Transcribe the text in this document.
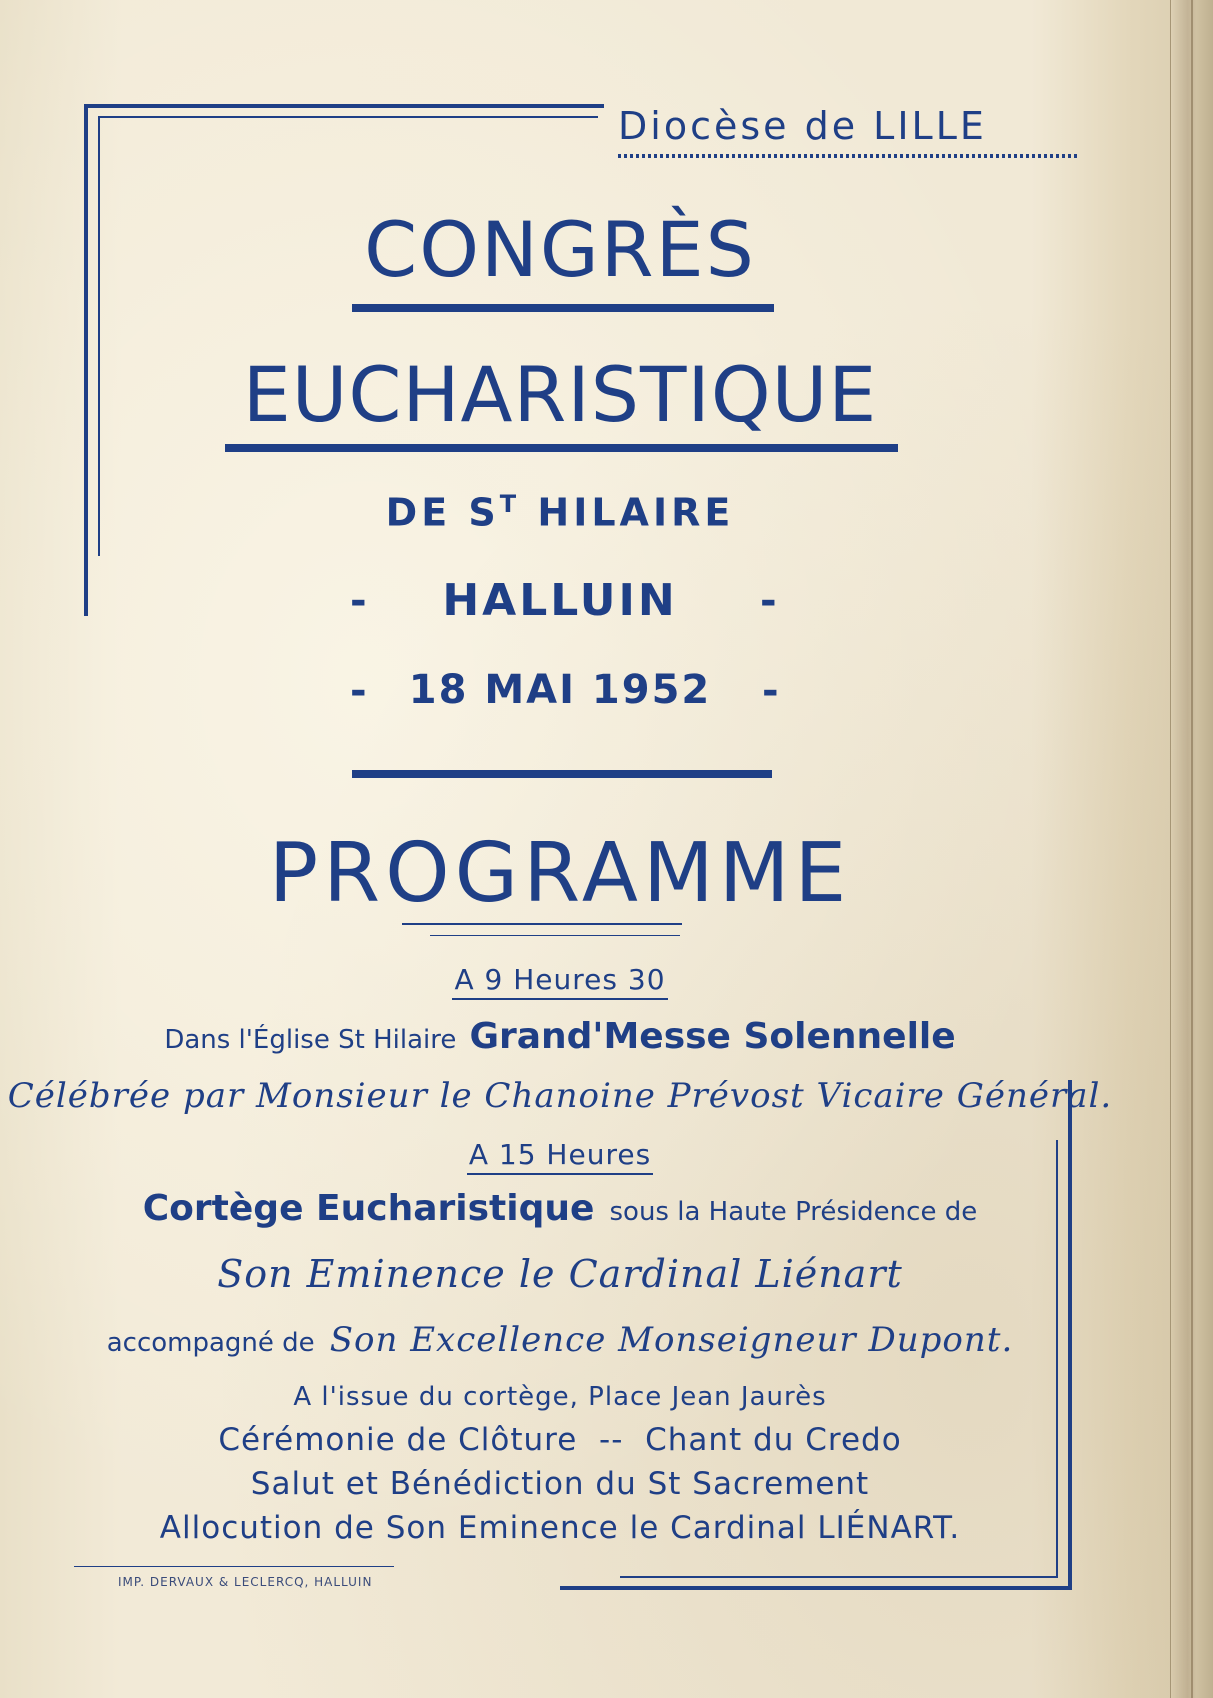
Diocèse de LILLE
CONGRÈS
EUCHARISTIQUE
DE $S^T$ HILAIRE
-	HALLUIN	-
-	18 MAI 1952	-
PROGRAMME
A 9 Heures 30
Dans l'Église St Hilaire Grand'Messe Solennelle
Célébrée par Monsieur le Chanoine Prévost Vicaire Général.
A 15 Heures
Cortège Eucharistique sous la Haute Présidence de
Son Eminence le Cardinal Liénart
accompagné de Son Excellence Monseigneur Dupont.
A l'issue du cortège, Place Jean Jaurès
Cérémonie de Clôture  --  Chant du Credo
Salut et Bénédiction du St Sacrement
Allocution de Son Eminence le Cardinal LIÉNART.
IMP. DERVAUX & LECLERCQ, HALLUIN
